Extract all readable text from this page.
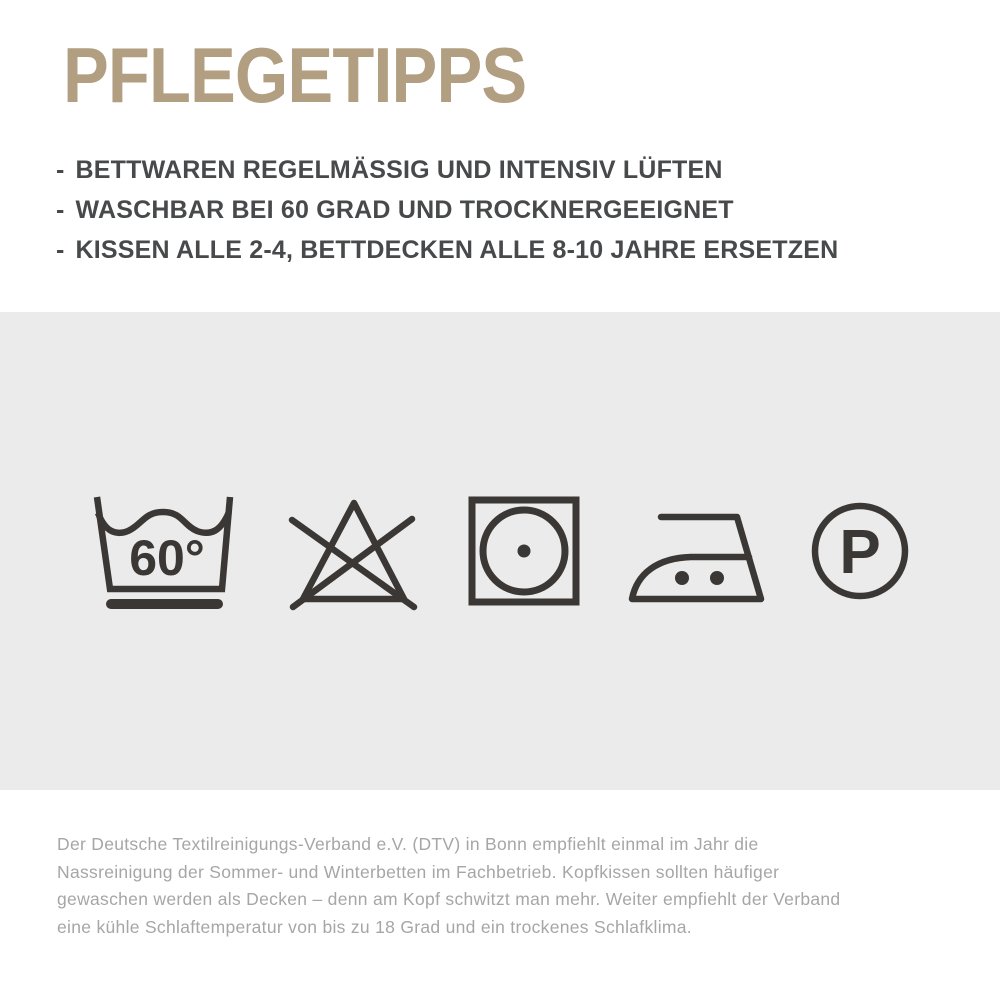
PFLEGETIPPS
- BETTWAREN REGELMÄSSIG UND INTENSIV LÜFTEN
- WASCHBAR BEI 60 GRAD UND TROCKNERGEEIGNET
- KISSEN ALLE 2-4, BETTDECKEN ALLE 8-10 JAHRE ERSETZEN
60°	P
Der Deutsche Textilreinigungs-Verband e.V. (DTV) in Bonn empfiehlt einmal im Jahr die
Nassreinigung der Sommer- und Winterbetten im Fachbetrieb. Kopfkissen sollten häufiger
gewaschen werden als Decken – denn am Kopf schwitzt man mehr. Weiter empfiehlt der Verband
eine kühle Schlaftemperatur von bis zu 18 Grad und ein trockenes Schlafklima.
